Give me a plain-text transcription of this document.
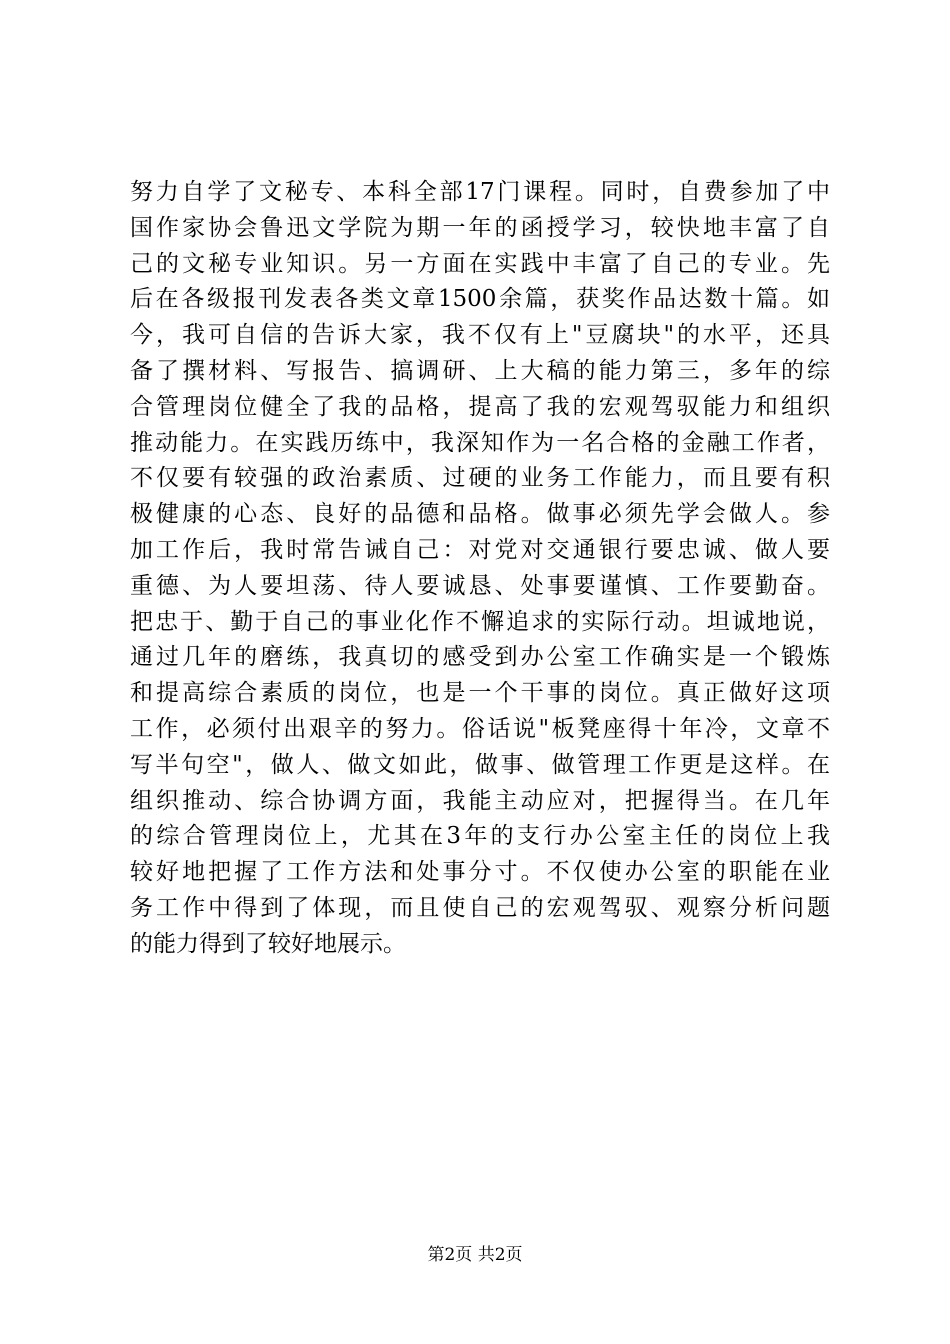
努力自学了文秘专、本科全部17门课程。同时，自费参加了中
国作家协会鲁迅文学院为期一年的函授学习，较快地丰富了自
己的文秘专业知识。另一方面在实践中丰富了自己的专业。先
后在各级报刊发表各类文章1500余篇，获奖作品达数十篇。如
今，我可自信的告诉大家，我不仅有上"豆腐块"的水平，还具
备了撰材料、写报告、搞调研、上大稿的能力第三，多年的综
合管理岗位健全了我的品格，提高了我的宏观驾驭能力和组织
推动能力。在实践历练中，我深知作为一名合格的金融工作者，
不仅要有较强的政治素质、过硬的业务工作能力，而且要有积
极健康的心态、良好的品德和品格。做事必须先学会做人。参
加工作后，我时常告诫自己：对党对交通银行要忠诚、做人要
重德、为人要坦荡、待人要诚恳、处事要谨慎、工作要勤奋。
把忠于、勤于自己的事业化作不懈追求的实际行动。坦诚地说，
通过几年的磨练，我真切的感受到办公室工作确实是一个锻炼
和提高综合素质的岗位，也是一个干事的岗位。真正做好这项
工作，必须付出艰辛的努力。俗话说"板凳座得十年冷，文章不
写半句空"，做人、做文如此，做事、做管理工作更是这样。在
组织推动、综合协调方面，我能主动应对，把握得当。在几年
的综合管理岗位上，尤其在3年的支行办公室主任的岗位上我
较好地把握了工作方法和处事分寸。不仅使办公室的职能在业
务工作中得到了体现，而且使自己的宏观驾驭、观察分析问题
的能力得到了较好地展示。
第2页 共2页
